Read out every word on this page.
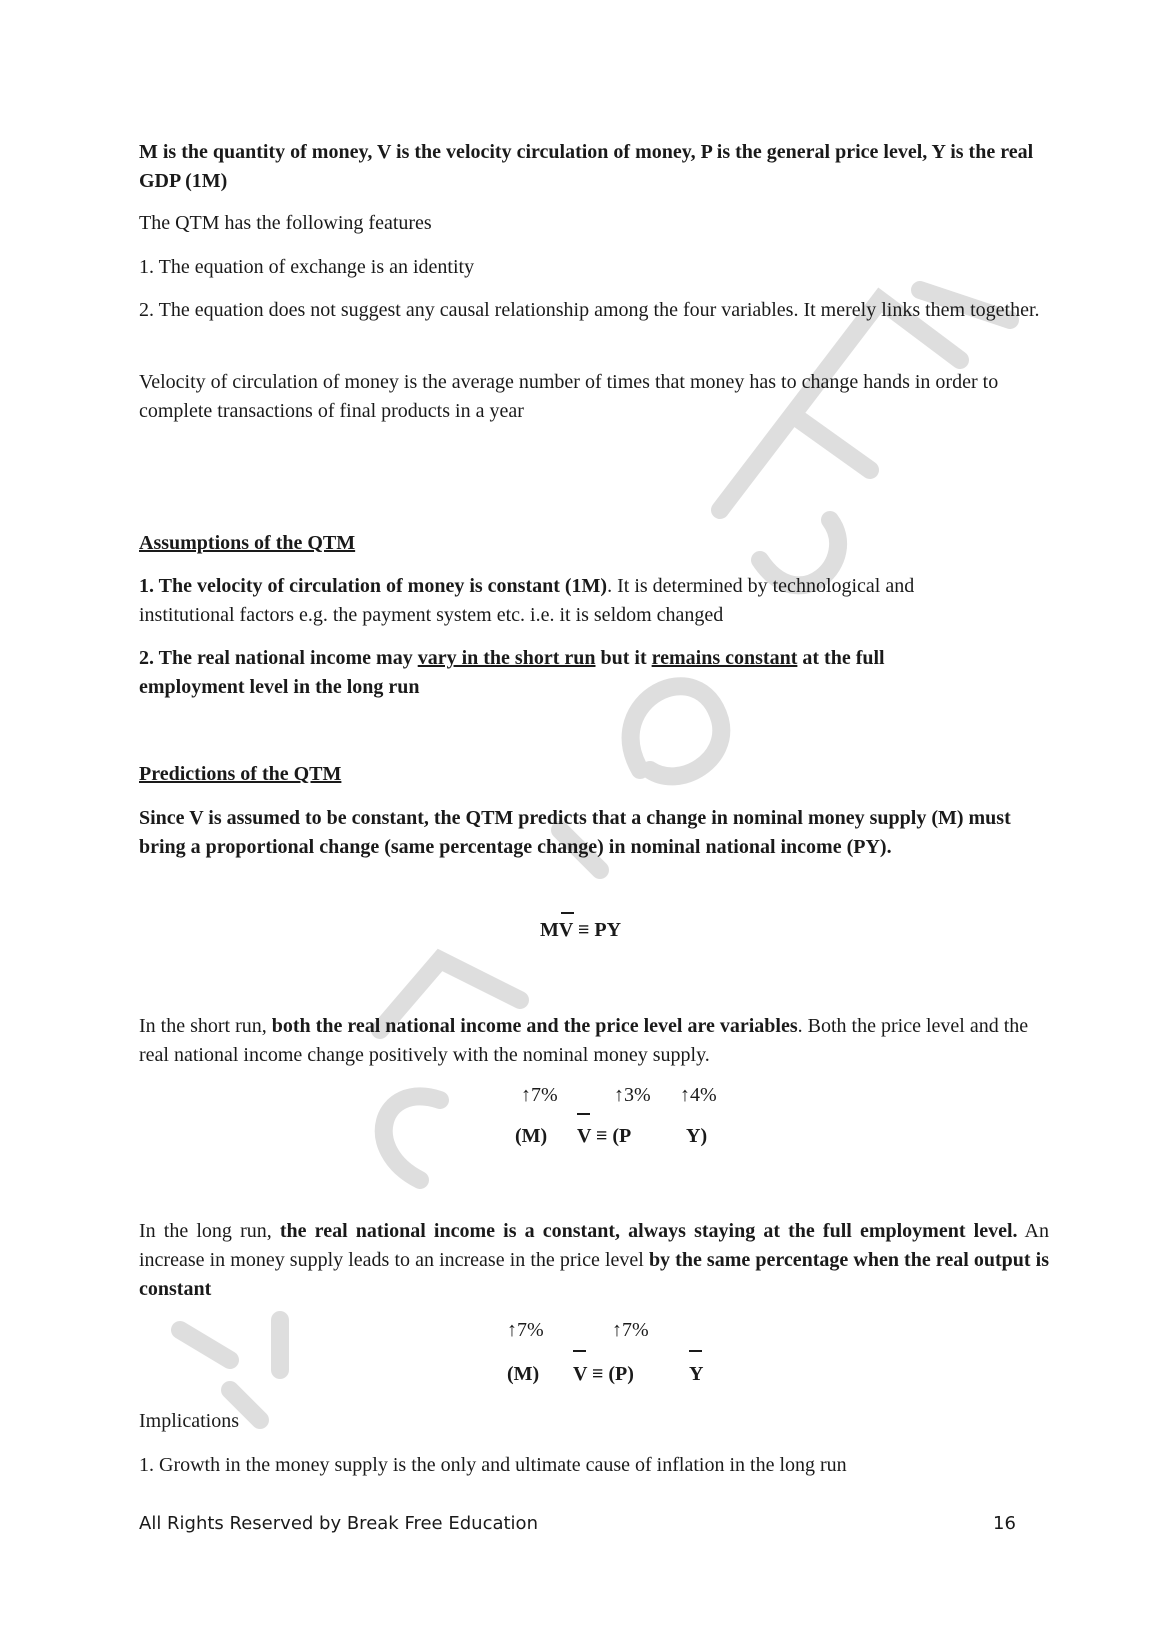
M is the quantity of money, V is the velocity circulation of money, P is the general price level, Y is the real GDP (1M)
The QTM has the following features
1. The equation of exchange is an identity
2. The equation does not suggest any causal relationship among the four variables. It merely links them together.
Velocity of circulation of money is the average number of times that money has to change hands in order to complete transactions of final products in a year
Assumptions of the QTM
1. The velocity of circulation of money is constant (1M). It is determined by technological and institutional factors e.g. the payment system etc. i.e. it is seldom changed
2. The real national income may vary in the short run but it remains constant at the full employment level in the long run
Predictions of the QTM
Since V is assumed to be constant, the QTM predicts that a change in nominal money supply (M) must bring a proportional change (same percentage change) in nominal national income (PY).
MV ≡ PY
In the short run, both the real national income and the price level are variables. Both the price level and the real national income change positively with the nominal money supply.
↑7%	↑3% ↑4%
(M) V ≡ (P	Y)
In the long run, the real national income is a constant, always staying at the full employment level. An increase in money supply leads to an increase in the price level by the same percentage when the real output is constant
↑7%	↑7%
(M) V ≡ (P)	Y
Implications
1. Growth in the money supply is the only and ultimate cause of inflation in the long run
All Rights Reserved by Break Free Education	16
